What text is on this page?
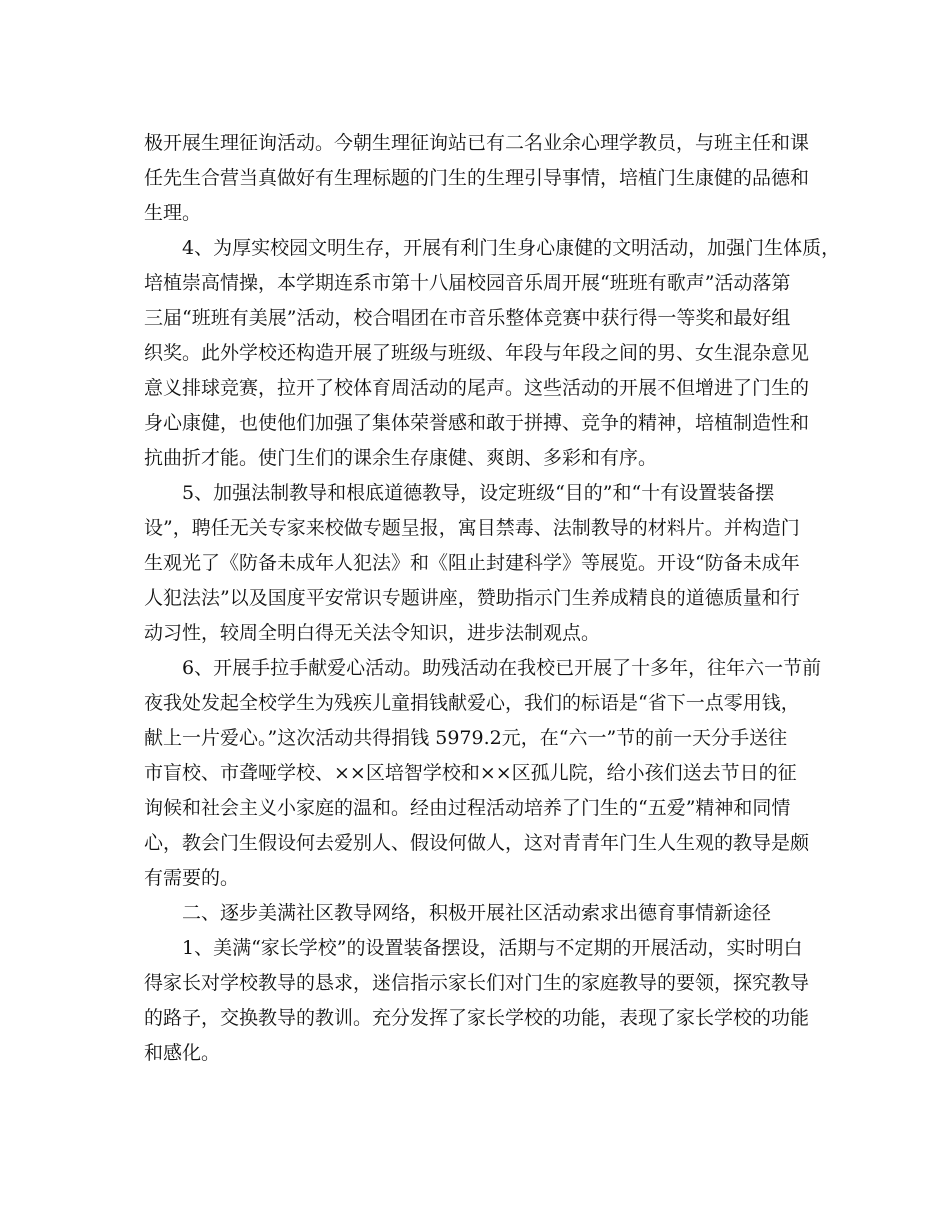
极开展生理征询活动。今朝生理征询站已有二名业余心理学教员，与班主任和课
任先生合营当真做好有生理标题的门生的生理引导事情，培植门生康健的品德和
生理。
4、为厚实校园文明生存，开展有利门生身心康健的文明活动，加强门生体质，
培植崇高情操，本学期连系市第十八届校园音乐周开展“班班有歌声”活动落第
三届“班班有美展”活动，校合唱团在市音乐整体竞赛中获行得一等奖和最好组
织奖。此外学校还构造开展了班级与班级、年段与年段之间的男、女生混杂意见
意义排球竞赛，拉开了校体育周活动的尾声。这些活动的开展不但增进了门生的
身心康健，也使他们加强了集体荣誉感和敢于拼搏、竞争的精神，培植制造性和
抗曲折才能。使门生们的课余生存康健、爽朗、多彩和有序。
5、加强法制教导和根底道德教导，设定班级“目的”和“十有设置装备摆
设”，聘任无关专家来校做专题呈报，寓目禁毒、法制教导的材料片。并构造门
生观光了《防备未成年人犯法》和《阻止封建科学》等展览。开设“防备未成年
人犯法法”以及国度平安常识专题讲座，赞助指示门生养成精良的道德质量和行
动习性，较周全明白得无关法令知识，进步法制观点。
6、开展手拉手献爱心活动。助残活动在我校已开展了十多年，往年六一节前
夜我处发起全校学生为残疾儿童捐钱献爱心，我们的标语是“省下一点零用钱，
献上一片爱心。”这次活动共得捐钱 5979.2元，在“六一”节的前一天分手送往
市盲校、市聋哑学校、××区培智学校和××区孤儿院，给小孩们送去节日的征
询候和社会主义小家庭的温和。经由过程活动培养了门生的“五爱”精神和同情
心，教会门生假设何去爱别人、假设何做人，这对青青年门生人生观的教导是颇
有需要的。
二、逐步美满社区教导网络，积极开展社区活动索求出德育事情新途径
1、美满“家长学校”的设置装备摆设，活期与不定期的开展活动，实时明白
得家长对学校教导的恳求，迷信指示家长们对门生的家庭教导的要领，探究教导
的路子，交换教导的教训。充分发挥了家长学校的功能，表现了家长学校的功能
和感化。
